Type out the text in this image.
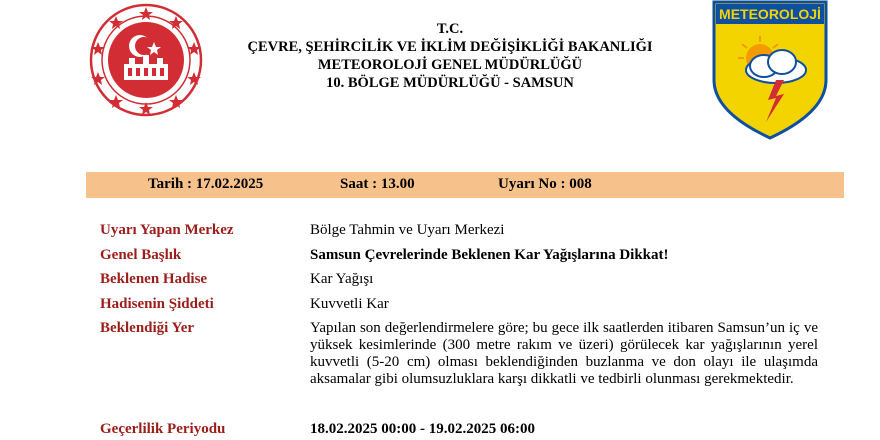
T.C.
ÇEVRE, ŞEHİRCİLİK VE İKLİM DEĞİŞİKLİĞİ BAKANLIĞI
METEOROLOJİ GENEL MÜDÜRLÜĞÜ
10. BÖLGE MÜDÜRLÜĞÜ - SAMSUN
METEOROLOJİ
Tarih : 17.02.2025	Saat : 13.00	Uyarı No : 008
Uyarı Yapan Merkez	Bölge Tahmin ve Uyarı Merkezi
Genel Başlık	Samsun Çevrelerinde Beklenen Kar Yağışlarına Dikkat!
Beklenen Hadise	Kar Yağışı
Hadisenin Şiddeti	Kuvvetli Kar
Beklendiği Yer	Yapılan son değerlendirmelere göre; bu gece ilk saatlerden itibaren Samsun’un iç ve yüksek kesimlerinde (300 metre rakım ve üzeri) görülecek kar yağışlarının yerel kuvvetli (5-20 cm) olması beklendiğinden buzlanma ve don olayı ile ulaşımda aksamalar gibi olumsuzluklara karşı dikkatli ve tedbirli olunması gerekmektedir.
Geçerlilik Periyodu	18.02.2025 00:00 - 19.02.2025 06:00
